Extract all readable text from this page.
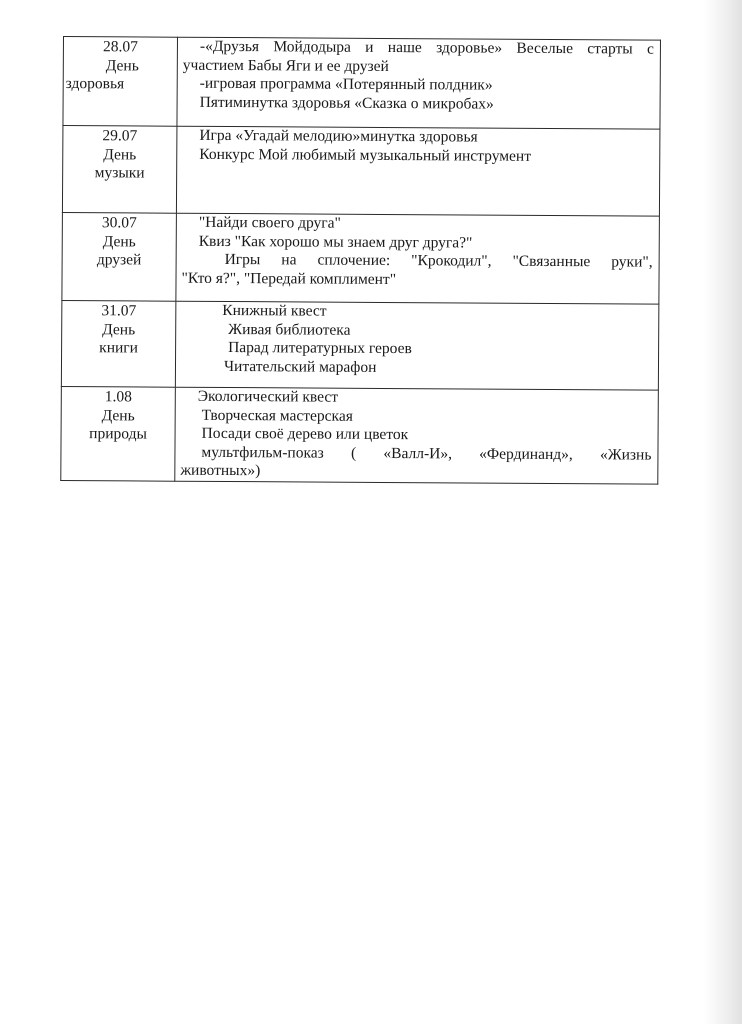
28.07
День
здоровья	-«Друзья Мойдодыра и наше здоровье» Веселые старты с
участием Бабы Яги и ее друзей
-игровая программа «Потерянный полдник»
Пятиминутка здоровья «Сказка о микробах»

29.07
День
музыки	Игра «Угадай мелодию»минутка здоровья
Конкурс Мой любимый музыкальный инструмент

30.07
День
друзей	"Найди своего друга"
Квиз "Как хорошо мы знаем друг друга?"
Игры на сплочение: "Крокодил", "Связанные руки",
"Кто я?", "Передай комплимент"

31.07
День
книги	Книжный квест
Живая библиотека
Парад литературных героев
Читательский марафон

1.08
День
природы	Экологический квест
Творческая мастерская
Посади своё дерево или цветок
мультфильм-показ ( «Валл-И», «Фердинанд», «Жизнь
животных»)
